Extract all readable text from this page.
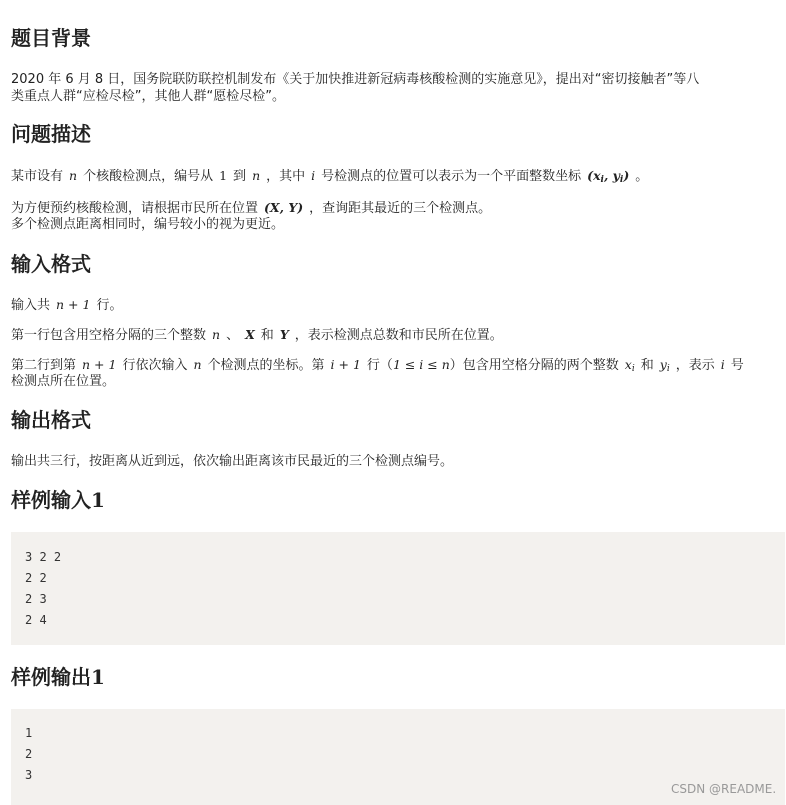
题目背景

2020 年 6 月 8 日，国务院联防联控机制发布《关于加快推进新冠病毒核酸检测的实施意见》，提出对“密切接触者”等八

类重点人群“应检尽检”，其他人群“愿检尽检”。

问题描述

某市设有 n 个核酸检测点，编号从 1 到 n ，其中 i 号检测点的位置可以表示为一个平面整数坐标 ($x_i$, $y_i$) 。

为方便预约核酸检测，请根据市民所在位置 (X, Y) ，查询距其最近的三个检测点。

多个检测点距离相同时，编号较小的视为更近。

输入格式

输入共 n + 1 行。

第一行包含用空格分隔的三个整数 n 、 X 和 Y ，表示检测点总数和市民所在位置。

第二行到第 n + 1 行依次输入 n 个检测点的坐标。第 i + 1 行（1 ≤ i ≤ n）包含用空格分隔的两个整数 $x_i$ 和 $y_i$ ，表示 i 号

检测点所在位置。

输出格式

输出共三行，按距离从近到远，依次输出距离该市民最近的三个检测点编号。

样例输入1
3 2 2
2 2
2 3
2 4
样例输出1
1
2
3
CSDN @README.
